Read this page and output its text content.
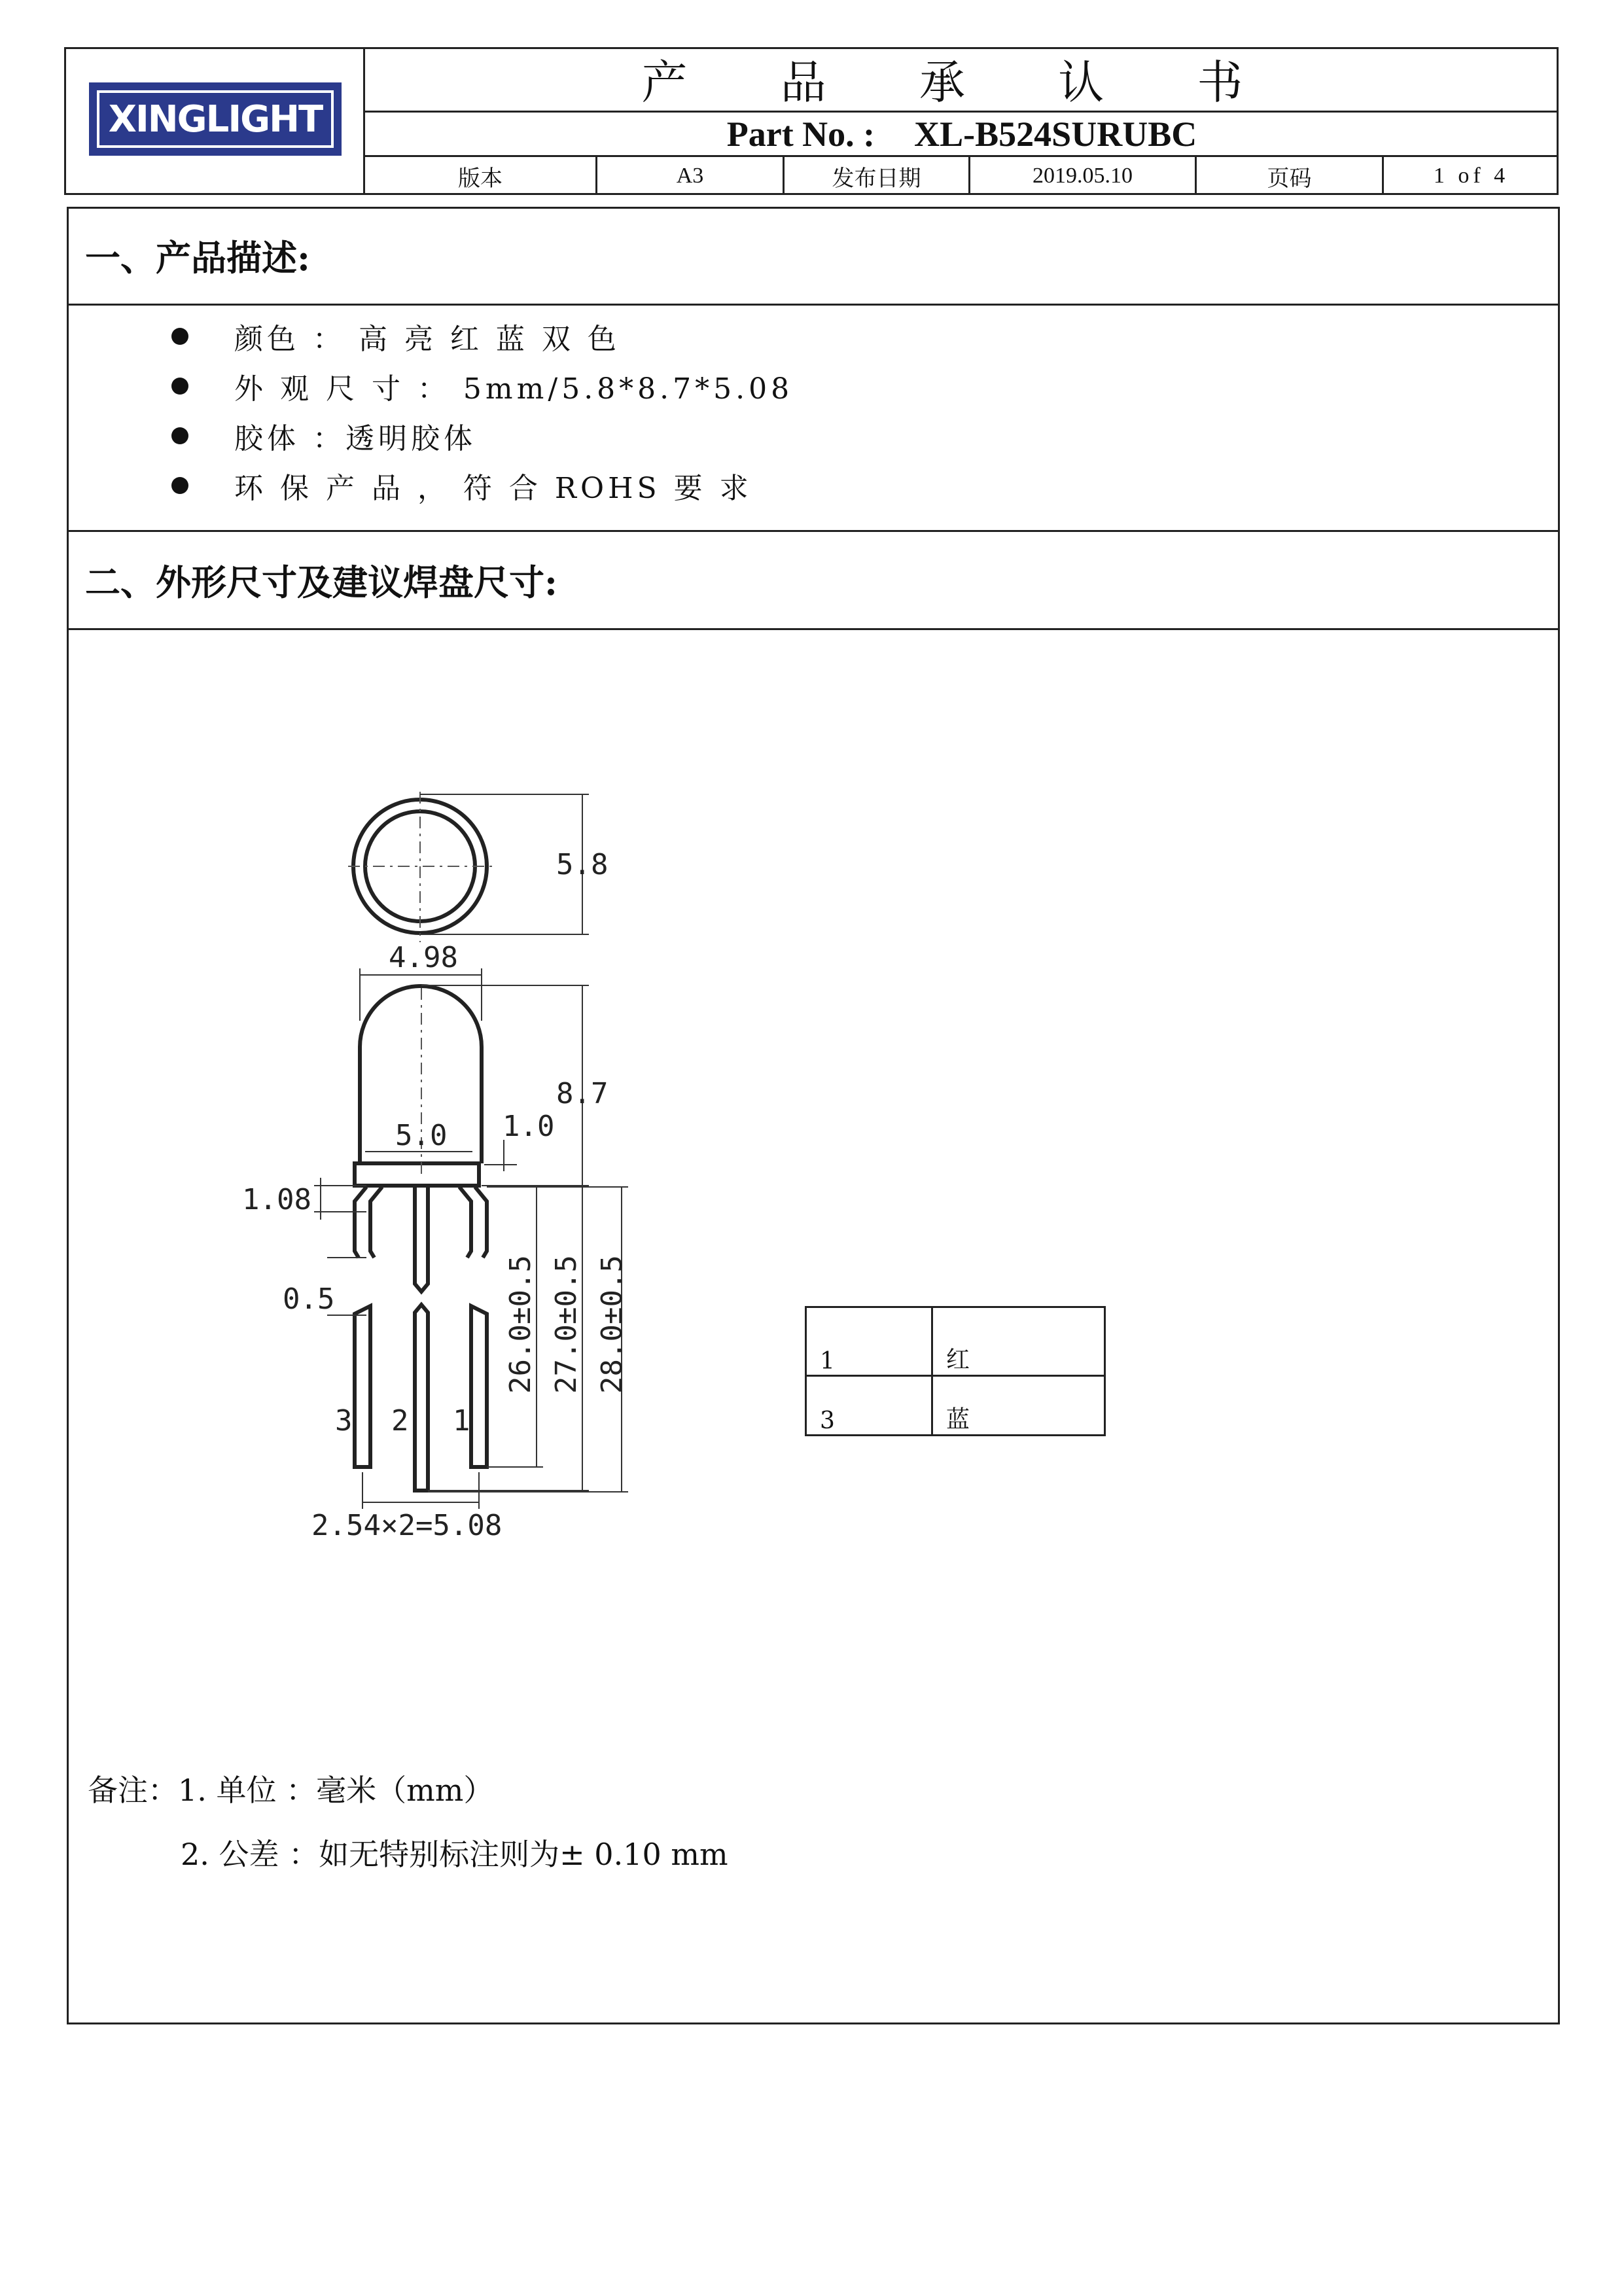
XINGLIGHT
产 品 承 认 书
Part No. : XL-B524SURUBC
版本	A3	发布日期	2019.05.10	页码	1 of 4
一、产品描述:
颜色 ： 高 亮 红 蓝 双 色
外 观 尺 寸 ： 5mm/5.8*8.7*5.08
胶体 ：透明胶体
环 保 产 品 ， 符 合 ROHS 要 求
二、外形尺寸及建议焊盘尺寸:
5.8
4.98
8.7
5.0 1.0
1.08
0.5
3 2 1
2.54×2=5.08
26.0±0.5 27.0±0.5 28.0±0.5	1	红
3	蓝
备注：1. 单位 ：毫米（mm）
2. 公差 ：如无特别标注则为± 0.10 mm
